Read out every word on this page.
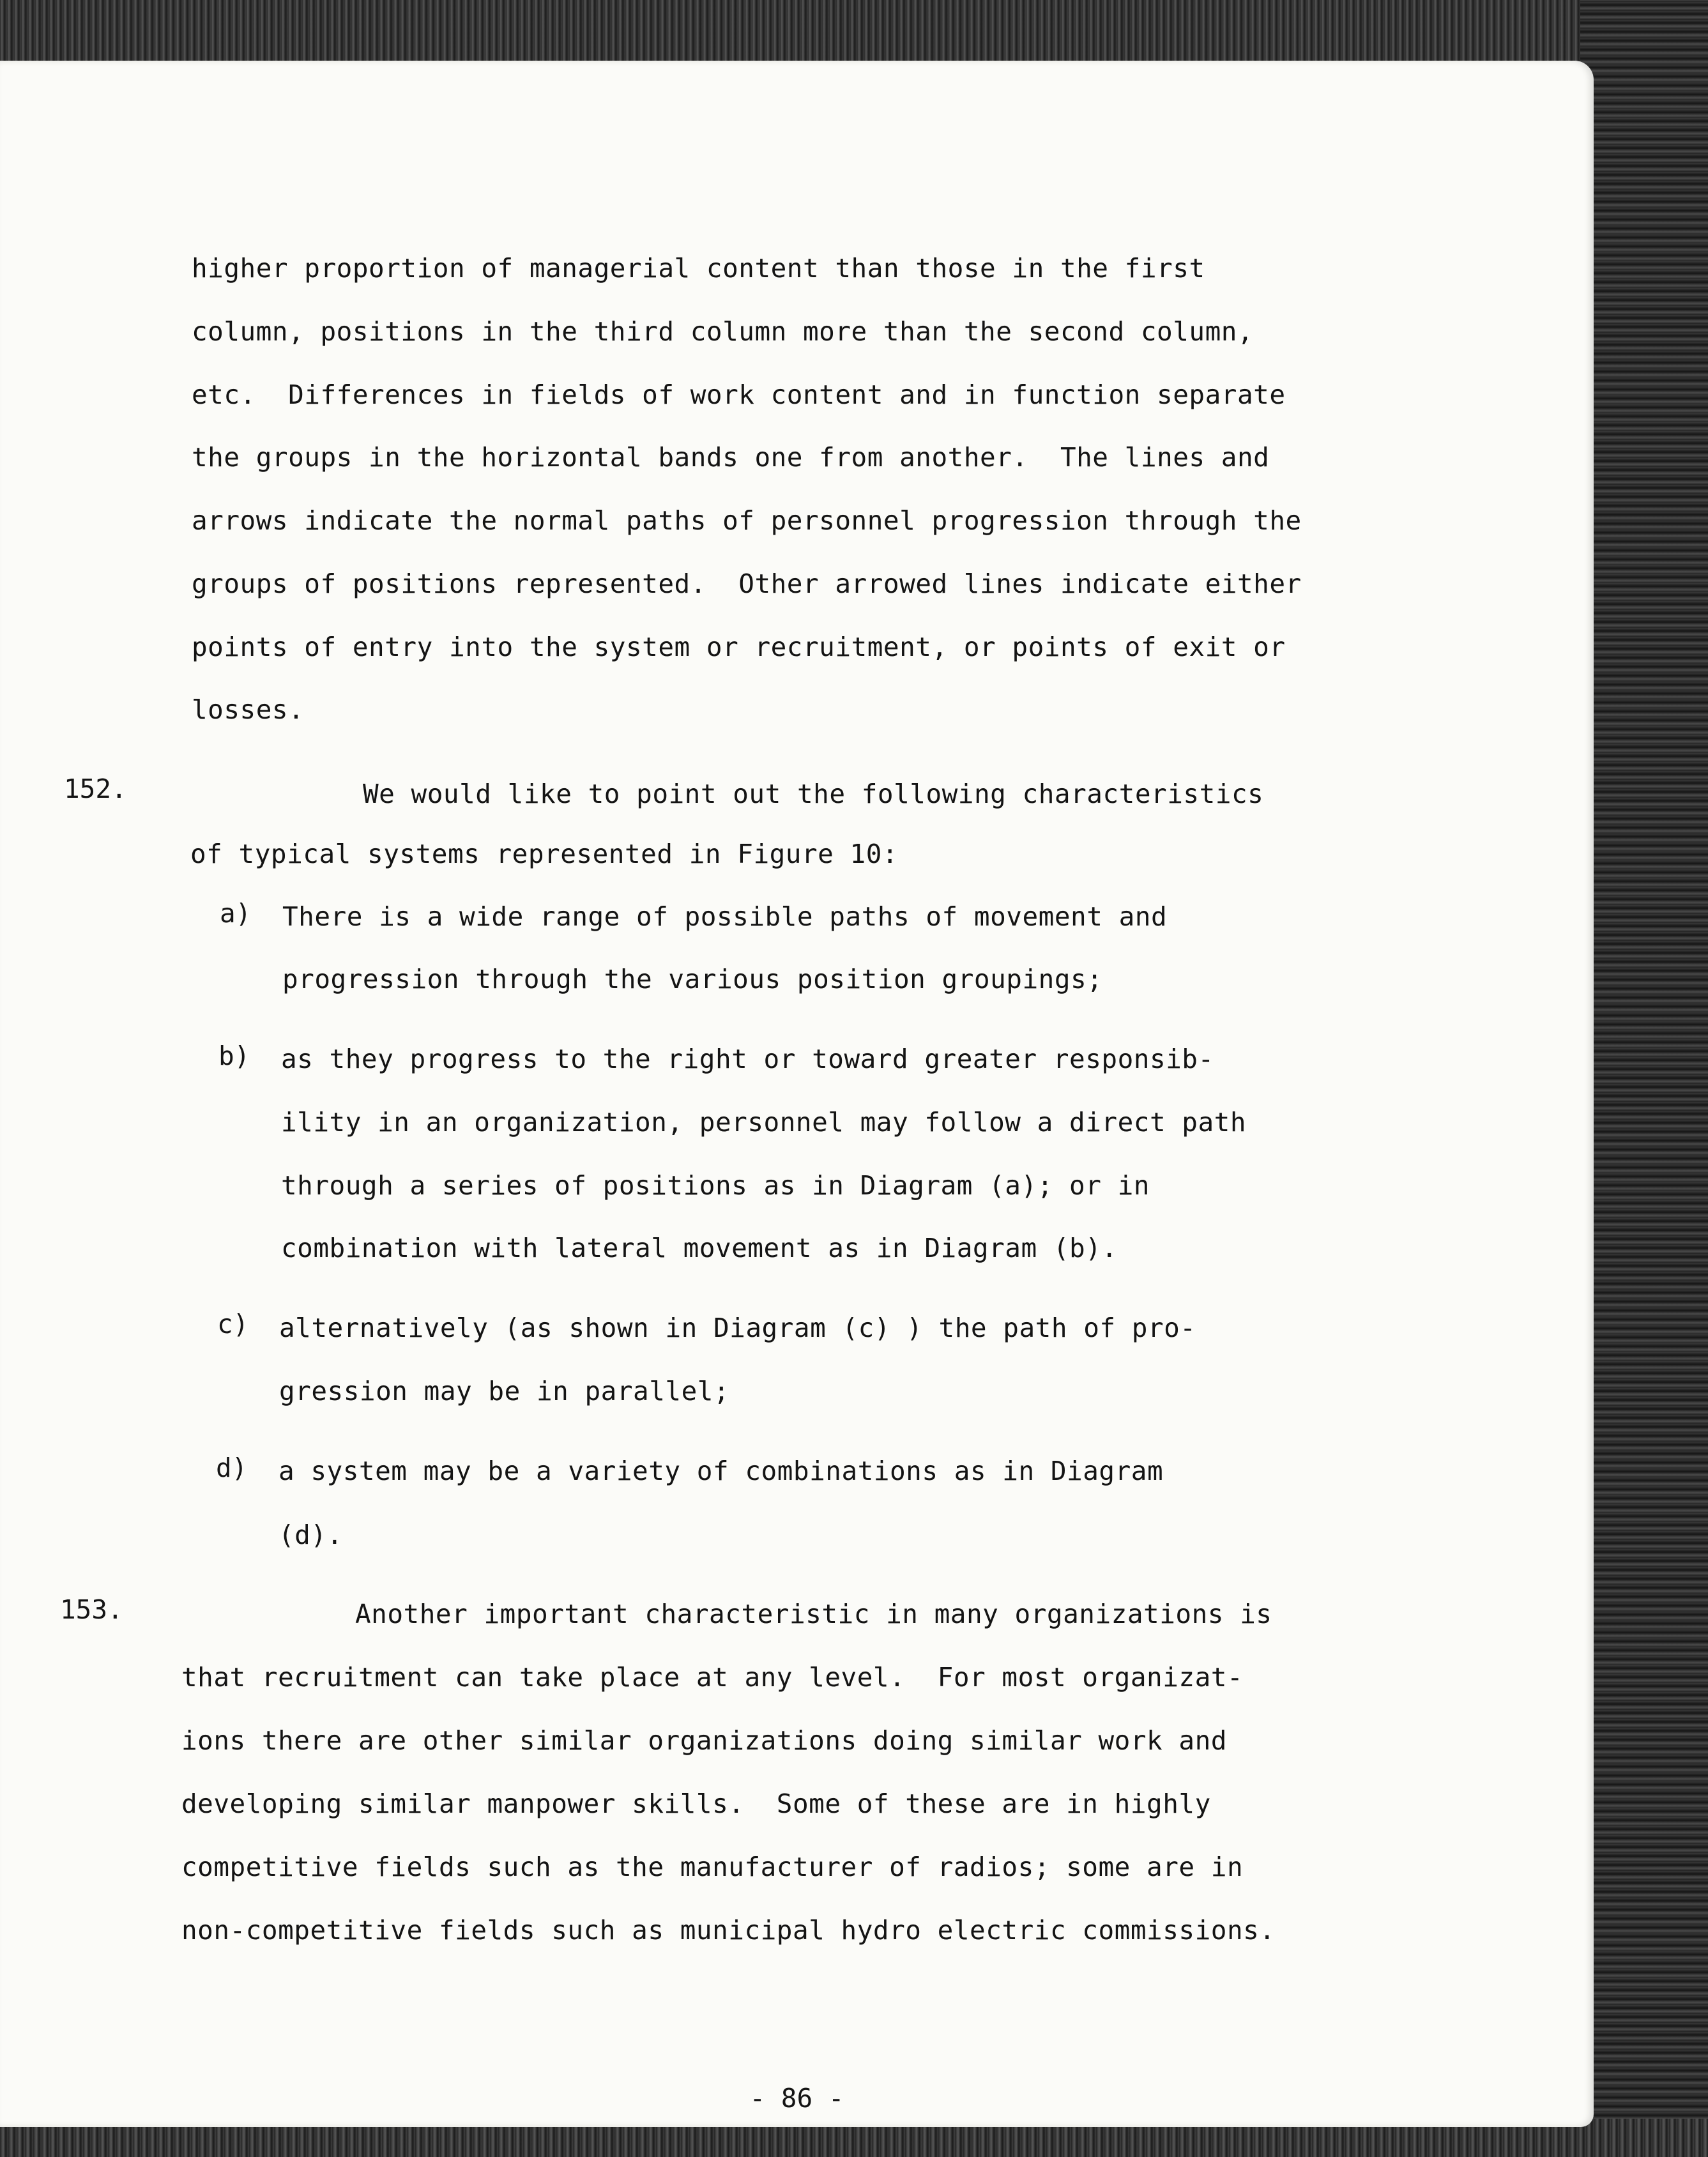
higher proportion of managerial content than those in the first

column, positions in the third column more than the second column,

etc.  Differences in fields of work content and in function separate

the groups in the horizontal bands one from another.  The lines and

arrows indicate the normal paths of personnel progression through the

groups of positions represented.  Other arrowed lines indicate either

points of entry into the system or recruitment, or points of exit or

losses.

152.	We would like to point out the following characteristics

of typical systems represented in Figure 10:

a) There is a wide range of possible paths of movement and

progression through the various position groupings;

b) as they progress to the right or toward greater responsib-

ility in an organization, personnel may follow a direct path

through a series of positions as in Diagram (a); or in

combination with lateral movement as in Diagram (b).

c) alternatively (as shown in Diagram (c) ) the path of pro-

gression may be in parallel;

d) a system may be a variety of combinations as in Diagram

(d).

153.	Another important characteristic in many organizations is

that recruitment can take place at any level.  For most organizat-

ions there are other similar organizations doing similar work and

developing similar manpower skills.  Some of these are in highly

competitive fields such as the manufacturer of radios; some are in

non-competitive fields such as municipal hydro electric commissions.

- 86 -
